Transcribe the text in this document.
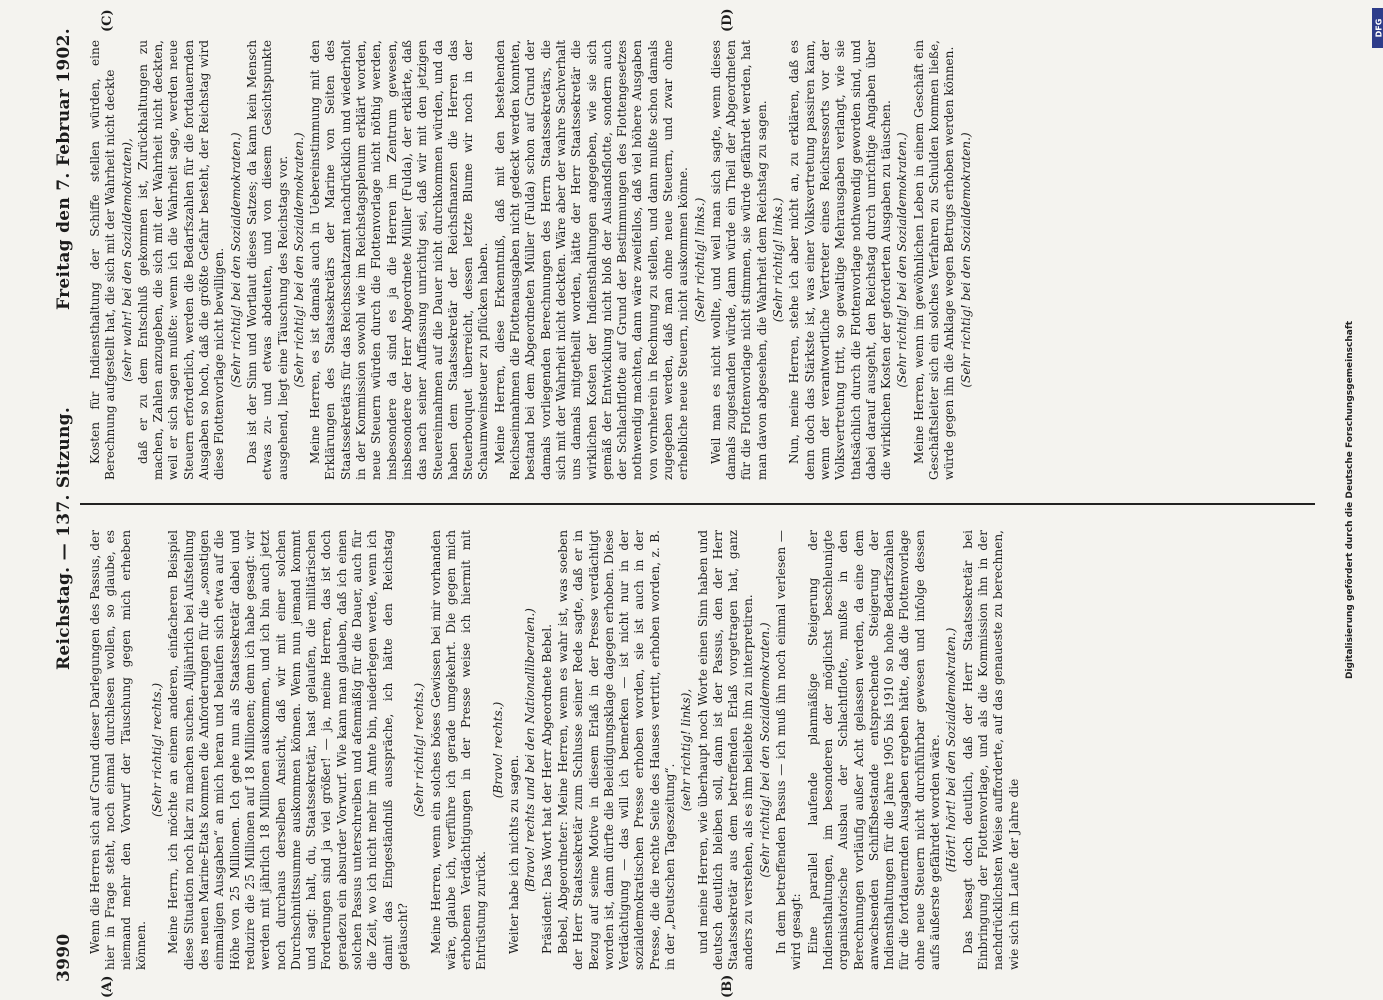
3990
Reichstag. — 137. Sitzung.
Freitag den 7. Februar 1902.
(A)	(B)
(C)	(D)

Wenn die Herren sich auf Grund dieser Darlegungen des Passus, der hier in Frage steht, noch einmal durchlesen wollen, so glaube, es niemand mehr den Vorwurf der Täuschung gegen mich erheben können.

(Sehr richtig! rechts.) Meine Herrn, ich möchte an einem anderen, einfacheren Beispiel diese Situation noch klar zu machen suchen. Alljährlich bei Aufstellung des neuen Marine-Etats kommen die Anforderungen für die „sonstigen einmaligen Ausgaben“ an mich heran und belaufen sich etwa auf die Höhe von 25 Millionen. Ich gehe nun als Staatssekretär dabei und reduzire die 25 Millionen auf 18 Millionen; denn ich habe gesagt: wir werden mit jährlich 18 Millionen auskommen, und ich bin auch jetzt noch durchaus derselben Ansicht, daß wir mit einer solchen Durchschnittssumme auskommen können. Wenn nun jemand kommt und sagt: halt, du, Staatssekretär, hast gelaufen, die militärischen Forderungen sind ja viel größer! — ja, meine Herren, das ist doch geradezu ein absurder Vorwurf. Wie kann man glauben, daß ich einen solchen Passus unterschreiben und afenmäßig für die Dauer, auch für die Zeit, wo ich nicht mehr im Amte bin, niederlegen werde, wenn ich damit das Eingeständniß ausspräche, ich hätte den Reichstag getäuscht?

(Sehr richtig! rechts.) Meine Herren, wenn ein solches böses Gewissen bei mir vorhanden wäre, glaube ich, verführe ich gerade umgekehrt. Die gegen mich erhobenen Verdächtigungen in der Presse weise ich hiermit mit Entrüstung zurück.

(Bravo! rechts.)

Weiter habe ich nichts zu sagen. (Bravo! rechts und bei den Nationalliberalen.) Präsident: Das Wort hat der Herr Abgeordnete Bebel. Bebel, Abgeordneter: Meine Herren, wenn es wahr ist, was soeben der Herr Staatssekretär zum Schlusse seiner Rede sagte, daß er in Bezug auf seine Motive in diesem Erlaß in der Presse verdächtigt worden ist, dann dürfte die Beleidigungsklage dagegen erhoben. Diese Verdächtigung — das will ich bemerken — ist nicht nur in der sozialdemokratischen Presse erhoben worden, sie ist auch in der Presse, die die rechte Seite des Hauses vertritt, erhoben worden, z. B. in der „Deutschen Tageszeitung“.

(sehr richtig! links), und meine Herren, wie überhaupt noch Worte einen Sinn haben und deutsch deutlich bleiben soll, dann ist der Passus, den der Herr Staatssekretär aus dem betreffenden Erlaß vorgetragen hat, ganz anders zu verstehen, als es ihm beliebte ihn zu interpretiren. (Sehr richtig! bei den Sozialdemokraten.) In dem betreffenden Passus — ich muß ihn noch einmal verlesen — wird gesagt: Eine parallel laufende planmäßige Steigerung der Indiensthaltungen, im besonderen der möglichst beschleunigte organisatorische Ausbau der Schlachtflotte, mußte in den Berechnungen vorläufig außer Acht gelassen werden, da eine dem anwachsenden Schiffsbestande entsprechende Steigerung der Indiensthaltungen für die Jahre 1905 bis 1910 so hohe Bedarfszahlen für die fortdauernden Ausgaben ergeben hätte, daß die Flottenvorlage ohne neue Steuern nicht durchführbar gewesen und infolge dessen aufs äußerste gefährdet worden wäre. (Hört! hört! bei den Sozialdemokraten.) Das besagt doch deutlich, daß der Herr Staatssekretär bei Einbringung der Flottenvorlage, und als die Kommission ihn in der nachdrücklichsten Weise aufforderte, auf das genaueste zu berechnen, wie sich im Laufe der Jahre die

Kosten für Indiensthaltung der Schiffe stellen würden, eine Berechnung aufgestellt hat, die sich mit der Wahrheit nicht deckte (sehr wahr! bei den Sozialdemokraten), daß er zu dem Entschluß gekommen ist, Zurückhaltungen zu machen, Zahlen anzugeben, die sich mit der Wahrheit nicht deckten, weil er sich sagen mußte: wenn ich die Wahrheit sage, werden neue Steuern erforderlich, werden die Bedarfszahlen für die fortdauernden Ausgaben so hoch, daß die größte Gefahr besteht, der Reichstag wird diese Flottenvorlage nicht bewilligen. (Sehr richtig! bei den Sozialdemokraten.) Das ist der Sinn und Wortlaut dieses Satzes; da kann kein Mensch etwas zu- und etwas abdeuten, und von diesem Gesichtspunkte ausgehend, liegt eine Täuschung des Reichstags vor. (Sehr richtig! bei den Sozialdemokraten.) Meine Herren, es ist damals auch in Uebereinstimmung mit den Erklärungen des Staatssekretärs der Marine von Seiten des Staatssekretärs für das Reichsschatzamt nachdrücklich und wiederholt in der Kommission sowohl wie im Reichstagsplenum erklärt worden, neue Steuern würden durch die Flottenvorlage nicht nöthig werden, insbesondere da sind es ja die Herren im Zentrum gewesen, insbesondere der Herr Abgeordnete Müller (Fulda), der erklärte, daß das nach seiner Auffassung unrichtig sei, daß wir mit den jetzigen Steuereinnahmen auf die Dauer nicht durchkommen würden, und da haben dem Staatssekretär der Reichsfinanzen die Herren das Steuerbouquet überreicht, dessen letzte Blume wir noch in der Schaumweinsteuer zu pflücken haben. Meine Herren, diese Erkenntniß, daß mit den bestehenden Reichseinnahmen die Flottenausgaben nicht gedeckt werden konnten, bestand bei dem Abgeordneten Müller (Fulda) schon auf Grund der damals vorliegenden Berechnungen des Herrn Staatssekretärs, die sich mit der Wahrheit nicht deckten. Wäre aber der wahre Sachverhalt uns damals mitgetheilt worden, hätte der Herr Staatssekretär die wirklichen Kosten der Indiensthaltungen angegeben, wie sie sich gemäß der Entwicklung nicht bloß der Auslandsflotte, sondern auch der Schlachtflotte auf Grund der Bestimmungen des Flottengesetzes nothwendig machten, dann wäre zweifellos, daß viel höhere Ausgaben von vornherein in Rechnung zu stellen, und dann mußte schon damals zugegeben werden, daß man ohne neue Steuern, und zwar ohne erhebliche neue Steuern, nicht auskommen könne. (Sehr richtig! links.) Weil man es nicht wollte, und weil man sich sagte, wenn dieses damals zugestanden würde, dann würde ein Theil der Abgeordneten für die Flottenvorlage nicht stimmen, sie würde gefährdet werden, hat man davon abgesehen, die Wahrheit dem Reichstag zu sagen. (Sehr richtig! links.) Nun, meine Herren, stehe ich aber nicht an, zu erklären, daß es denn doch das Stärkste ist, was einer Volksvertretung passiren kann, wenn der verantwortliche Vertreter eines Reichsressorts vor der Volksvertretung tritt, so gewaltige Mehrausgaben verlangt, wie sie thatsächlich durch die Flottenvorlage nothwendig geworden sind, und dabei darauf ausgeht, den Reichstag durch unrichtige Angaben über die wirklichen Kosten der geforderten Ausgaben zu täuschen. (Sehr richtig! bei den Sozialdemokraten.) Meine Herren, wenn im gewöhnlichen Leben in einem Geschäft ein Geschäftsleiter sich ein solches Verfahren zu Schulden kommen ließe, würde gegen ihn die Anklage wegen Betrugs erhoben werden können. (Sehr richtig! bei den Sozialdemokraten.)

Digitalisierung gefördert durch die Deutsche Forschungsgemeinschaft
DFG
